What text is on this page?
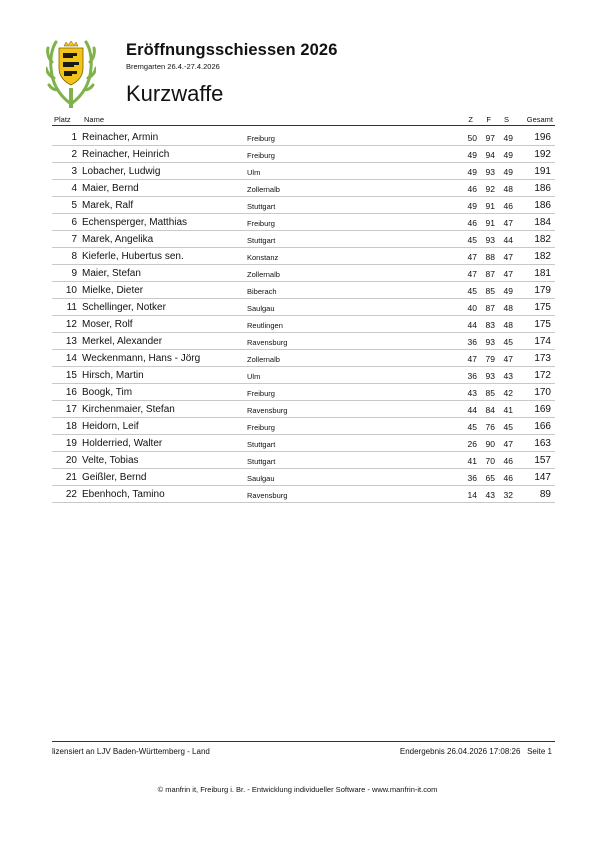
Eröffnungsschiessen 2026
Bremgarten 26.4.-27.4.2026
Kurzwaffe
Platz Name	Z F S Gesamt
1 Reinacher, Armin	Freiburg	50 97 49 196
2 Reinacher, Heinrich	Freiburg	49 94 49 192
3 Lobacher, Ludwig	Ulm	49 93 49 191
4 Maier, Bernd	Zollernalb	46 92 48 186
5 Marek, Ralf	Stuttgart	49 91 46 186
6 Echensperger, Matthias	Freiburg	46 91 47 184
7 Marek, Angelika	Stuttgart	45 93 44 182
8 Kieferle, Hubertus sen.	Konstanz	47 88 47 182
9 Maier, Stefan	Zollernalb	47 87 47 181
10 Mielke, Dieter	Biberach	45 85 49 179
11 Schellinger, Notker	Saulgau	40 87 48 175
12 Moser, Rolf	Reutlingen	44 83 48 175
13 Merkel, Alexander	Ravensburg	36 93 45 174
14 Weckenmann, Hans - Jörg	Zollernalb	47 79 47 173
15 Hirsch, Martin	Ulm	36 93 43 172
16 Boogk, Tim	Freiburg	43 85 42 170
17 Kirchenmaier, Stefan	Ravensburg	44 84 41 169
18 Heidorn, Leif	Freiburg	45 76 45 166
19 Holderried, Walter	Stuttgart	26 90 47 163
20 Velte, Tobias	Stuttgart	41 70 46 157
21 Geißler, Bernd	Saulgau	36 65 46 147
22 Ebenhoch, Tamino	Ravensburg	14 43 32	89
lizensiert an LJV Baden-Württemberg - Land	Endergebnis 26.04.2026 17:08:26 Seite 1
© manfrin it, Freiburg i. Br. - Entwicklung individueller Software - www.manfrin-it.com
